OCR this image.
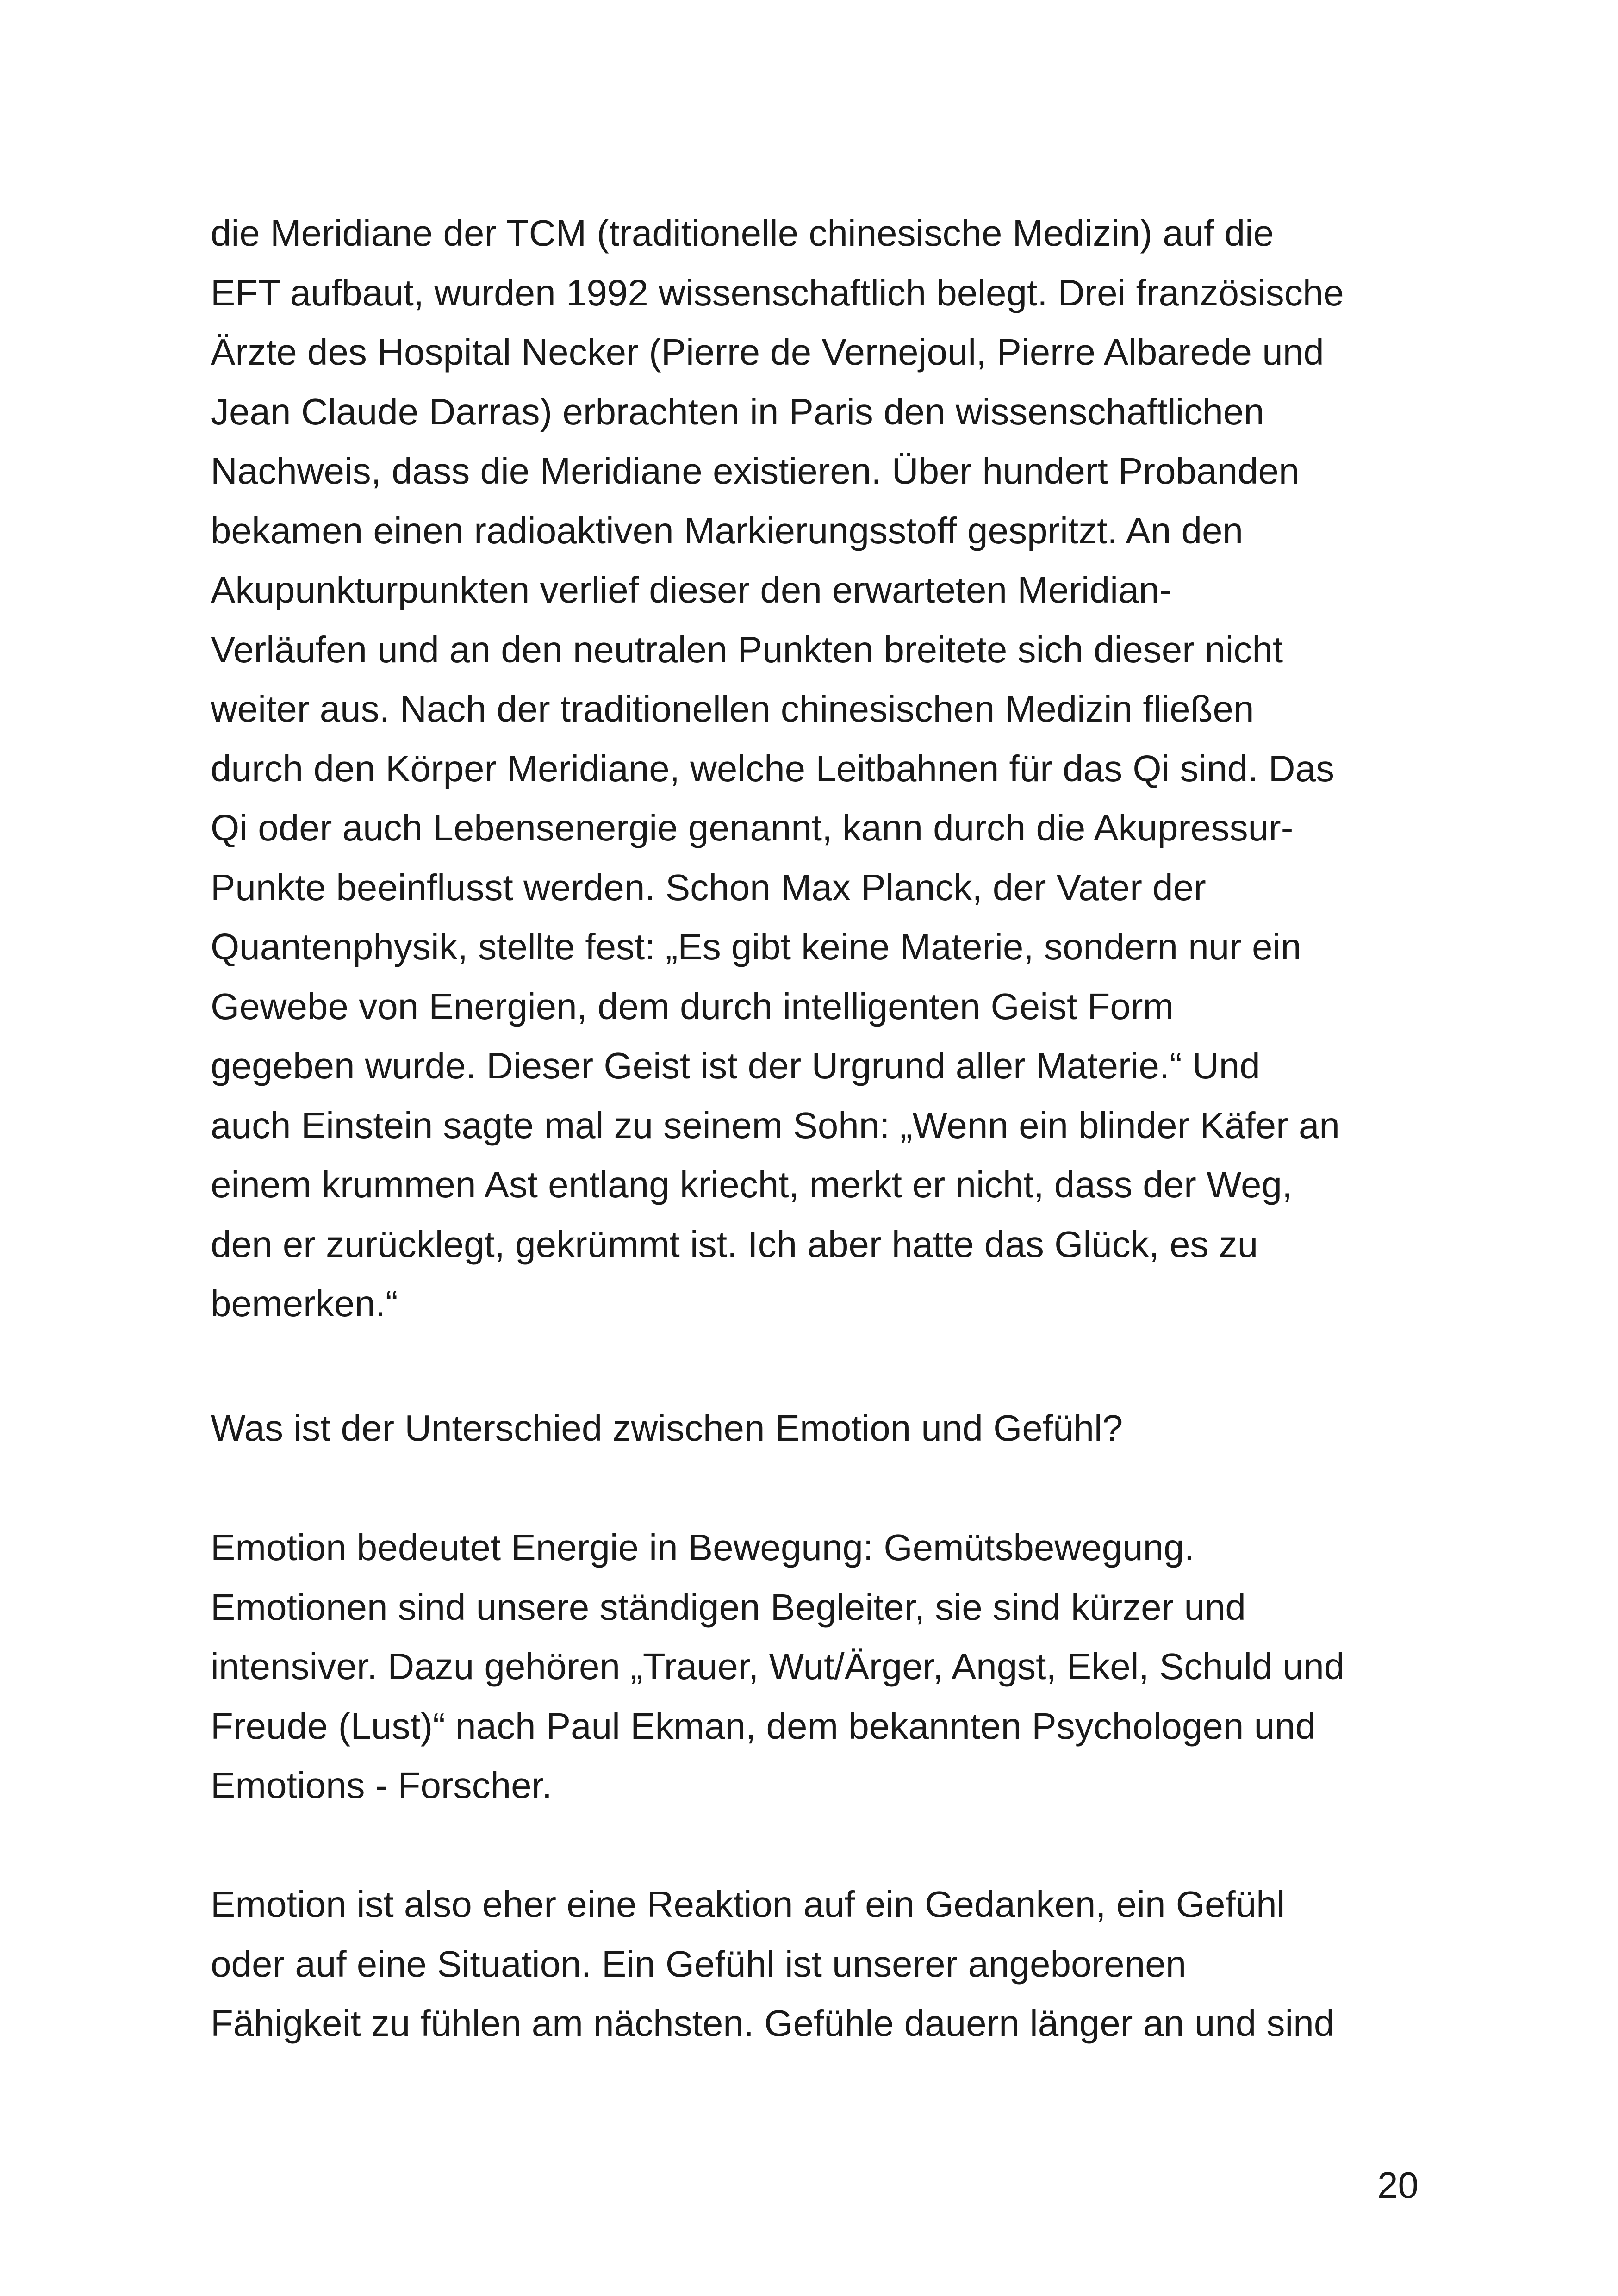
die Meridiane der TCM (traditionelle chinesische Medizin) auf die
EFT aufbaut, wurden 1992 wissenschaftlich belegt. Drei französische
Ärzte des Hospital Necker (Pierre de Vernejoul, Pierre Albarede und
Jean Claude Darras) erbrachten in Paris den wissenschaftlichen
Nachweis, dass die Meridiane existieren. Über hundert Probanden
bekamen einen radioaktiven Markierungsstoff gespritzt. An den
Akupunkturpunkten verlief dieser den erwarteten Meridian-
Verläufen und an den neutralen Punkten breitete sich dieser nicht
weiter aus. Nach der traditionellen chinesischen Medizin fließen
durch den Körper Meridiane, welche Leitbahnen für das Qi sind. Das
Qi oder auch Lebensenergie genannt, kann durch die Akupressur-
Punkte beeinflusst werden. Schon Max Planck, der Vater der
Quantenphysik, stellte fest: „Es gibt keine Materie, sondern nur ein
Gewebe von Energien, dem durch intelligenten Geist Form
gegeben wurde. Dieser Geist ist der Urgrund aller Materie.“ Und
auch Einstein sagte mal zu seinem Sohn: „Wenn ein blinder Käfer an
einem krummen Ast entlang kriecht, merkt er nicht, dass der Weg,
den er zurücklegt, gekrümmt ist. Ich aber hatte das Glück, es zu
bemerken.“
Was ist der Unterschied zwischen Emotion und Gefühl?
Emotion bedeutet Energie in Bewegung: Gemütsbewegung.
Emotionen sind unsere ständigen Begleiter, sie sind kürzer und
intensiver. Dazu gehören „Trauer, Wut/Ärger, Angst, Ekel, Schuld und
Freude (Lust)“ nach Paul Ekman, dem bekannten Psychologen und
Emotions - Forscher.
Emotion ist also eher eine Reaktion auf ein Gedanken, ein Gefühl
oder auf eine Situation. Ein Gefühl ist unserer angeborenen
Fähigkeit zu fühlen am nächsten. Gefühle dauern länger an und sind
20
